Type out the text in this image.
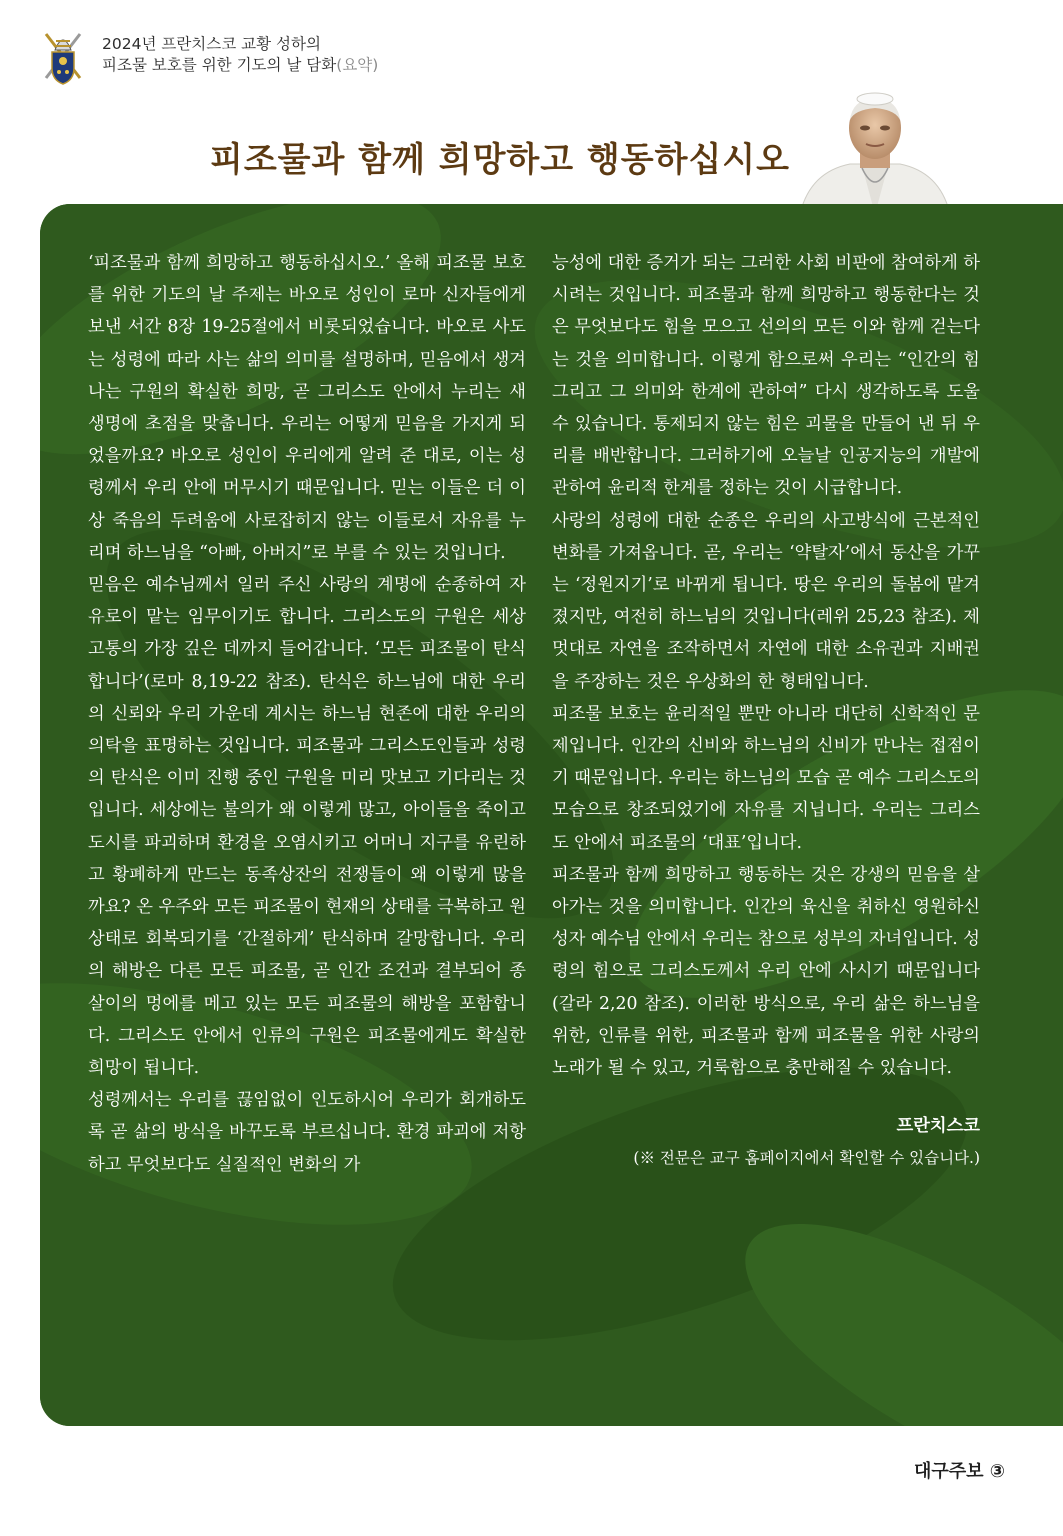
2024년 프란치스코 교황 성하의
피조물 보호를 위한 기도의 날 담화(요약)
피조물과 함께 희망하고 행동하십시오

‘피조물과 함께 희망하고 행동하십시오.’ 올해 피조물 보호를 위한 기도의 날 주제는 바오로 성인이 로마 신자들에게 보낸 서간 8장 19-25절에서 비롯되었습니다. 바오로 사도는 성령에 따라 사는 삶의 의미를 설명하며, 믿음에서 생겨나는 구원의 확실한 희망, 곧 그리스도 안에서 누리는 새 생명에 초점을 맞춥니다. 우리는 어떻게 믿음을 가지게 되었을까요? 바오로 성인이 우리에게 알려 준 대로, 이는 성령께서 우리 안에 머무시기 때문입니다. 믿는 이들은 더 이상 죽음의 두려움에 사로잡히지 않는 이들로서 자유를 누리며 하느님을 “아빠, 아버지”로 부를 수 있는 것입니다.

믿음은 예수님께서 일러 주신 사랑의 계명에 순종하여 자유로이 맡는 임무이기도 합니다. 그리스도의 구원은 세상 고통의 가장 깊은 데까지 들어갑니다. ‘모든 피조물이 탄식합니다’(로마 8,19-22 참조). 탄식은 하느님에 대한 우리의 신뢰와 우리 가운데 계시는 하느님 현존에 대한 우리의 의탁을 표명하는 것입니다. 피조물과 그리스도인들과 성령의 탄식은 이미 진행 중인 구원을 미리 맛보고 기다리는 것입니다. 세상에는 불의가 왜 이렇게 많고, 아이들을 죽이고 도시를 파괴하며 환경을 오염시키고 어머니 지구를 유린하고 황폐하게 만드는 동족상잔의 전쟁들이 왜 이렇게 많을까요? 온 우주와 모든 피조물이 현재의 상태를 극복하고 원상태로 회복되기를 ‘간절하게’ 탄식하며 갈망합니다. 우리의 해방은 다른 모든 피조물, 곧 인간 조건과 결부되어 종살이의 멍에를 메고 있는 모든 피조물의 해방을 포함합니다. 그리스도 안에서 인류의 구원은 피조물에게도 확실한 희망이 됩니다.

성령께서는 우리를 끊임없이 인도하시어 우리가 회개하도록 곧 삶의 방식을 바꾸도록 부르십니다. 환경 파괴에 저항하고 무엇보다도 실질적인 변화의 가

능성에 대한 증거가 되는 그러한 사회 비판에 참여하게 하시려는 것입니다. 피조물과 함께 희망하고 행동한다는 것은 무엇보다도 힘을 모으고 선의의 모든 이와 함께 걷는다는 것을 의미합니다. 이렇게 함으로써 우리는 “인간의 힘 그리고 그 의미와 한계에 관하여” 다시 생각하도록 도울 수 있습니다. 통제되지 않는 힘은 괴물을 만들어 낸 뒤 우리를 배반합니다. 그러하기에 오늘날 인공지능의 개발에 관하여 윤리적 한계를 정하는 것이 시급합니다.

사랑의 성령에 대한 순종은 우리의 사고방식에 근본적인 변화를 가져옵니다. 곧, 우리는 ‘약탈자’에서 동산을 가꾸는 ‘정원지기’로 바뀌게 됩니다. 땅은 우리의 돌봄에 맡겨졌지만, 여전히 하느님의 것입니다(레위 25,23 참조). 제멋대로 자연을 조작하면서 자연에 대한 소유권과 지배권을 주장하는 것은 우상화의 한 형태입니다.

피조물 보호는 윤리적일 뿐만 아니라 대단히 신학적인 문제입니다. 인간의 신비와 하느님의 신비가 만나는 접점이기 때문입니다. 우리는 하느님의 모습 곧 예수 그리스도의 모습으로 창조되었기에 자유를 지닙니다. 우리는 그리스도 안에서 피조물의 ‘대표’입니다.

피조물과 함께 희망하고 행동하는 것은 강생의 믿음을 살아가는 것을 의미합니다. 인간의 육신을 취하신 영원하신 성자 예수님 안에서 우리는 참으로 성부의 자녀입니다. 성령의 힘으로 그리스도께서 우리 안에 사시기 때문입니다(갈라 2,20 참조). 이러한 방식으로, 우리 삶은 하느님을 위한, 인류를 위한, 피조물과 함께 피조물을 위한 사랑의 노래가 될 수 있고, 거룩함으로 충만해질 수 있습니다.

프란치스코

(※ 전문은 교구 홈페이지에서 확인할 수 있습니다.)

대구주보 ③
